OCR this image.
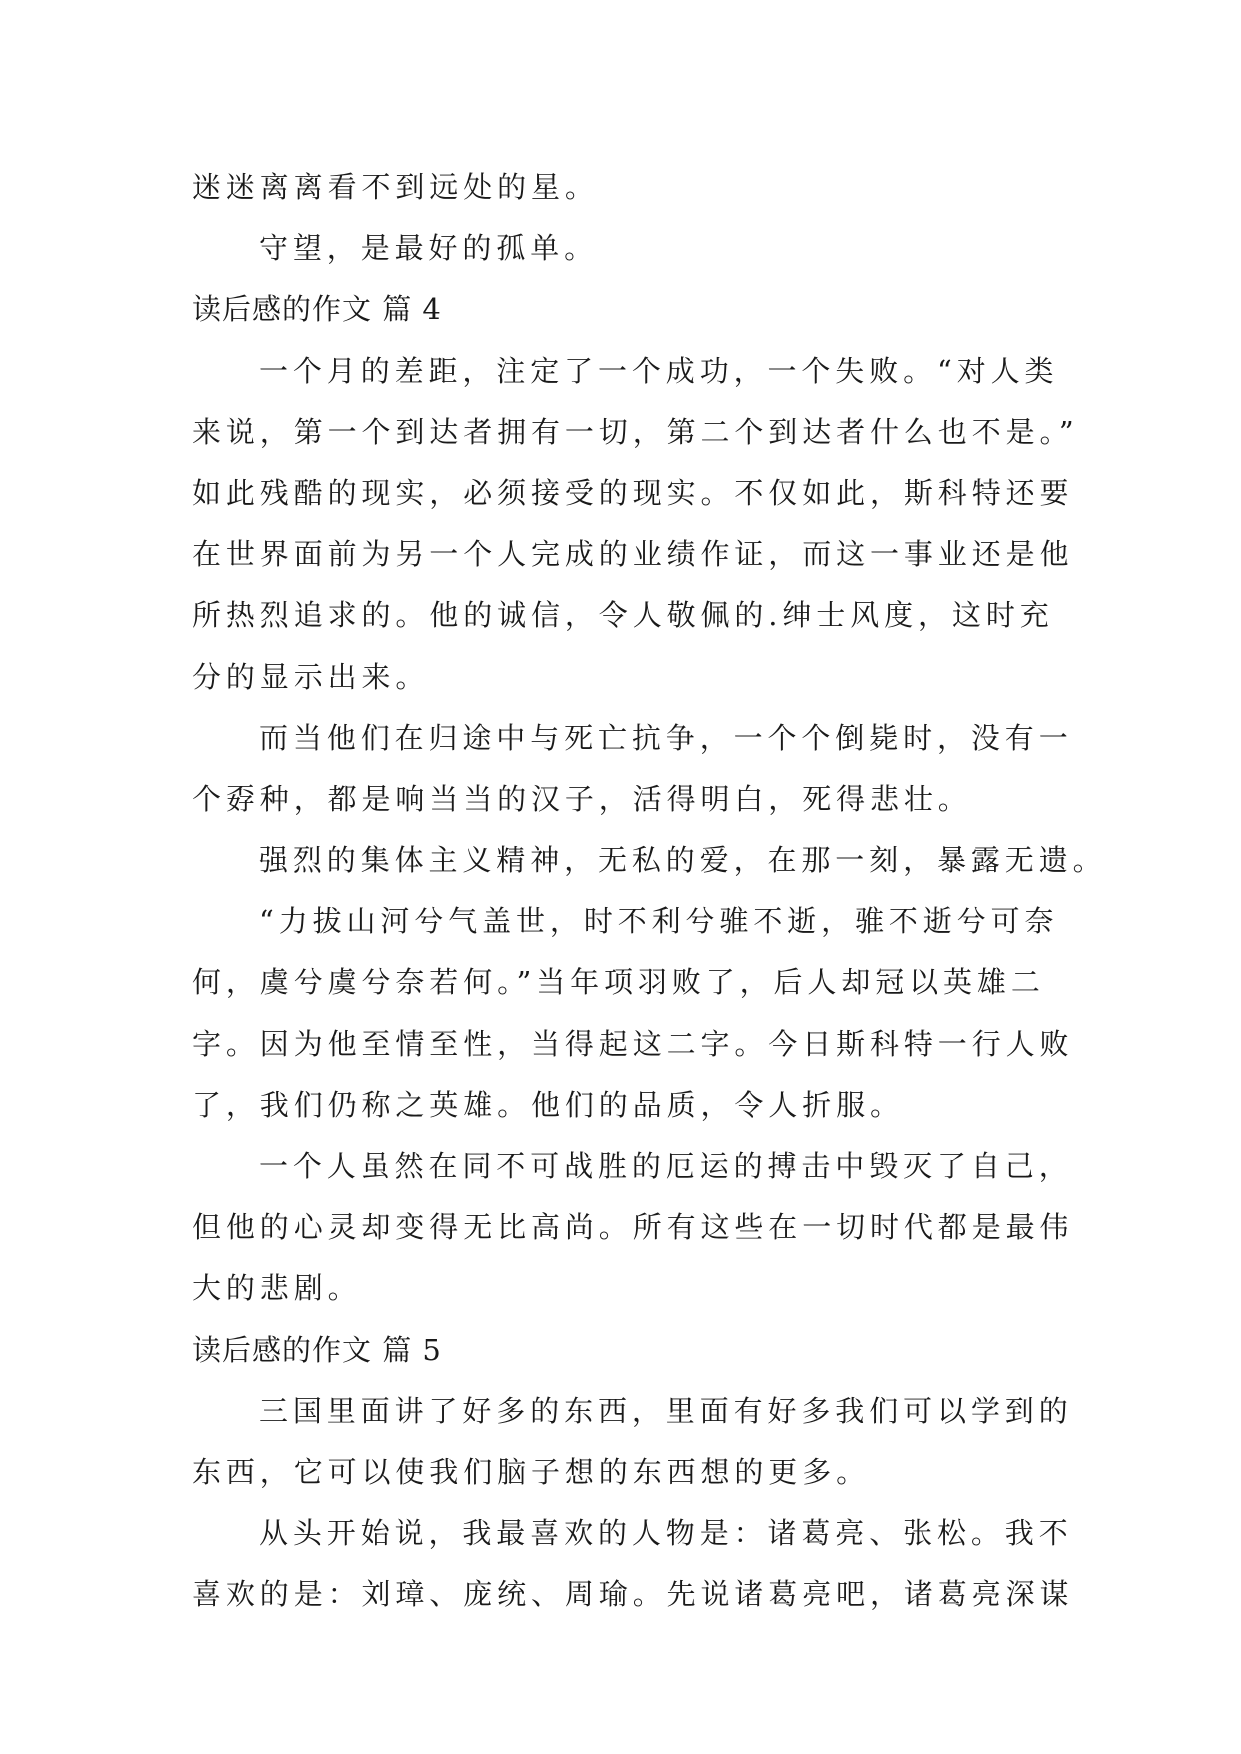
迷迷离离看不到远处的星。
守望，是最好的孤单。
读后感的作文 篇 4
一个月的差距，注定了一个成功，一个失败。“对人类
来说，第一个到达者拥有一切，第二个到达者什么也不是。”
如此残酷的现实，必须接受的现实。不仅如此，斯科特还要
在世界面前为另一个人完成的业绩作证，而这一事业还是他
所热烈追求的。他的诚信，令人敬佩的.绅士风度，这时充
分的显示出来。
而当他们在归途中与死亡抗争，一个个倒毙时，没有一
个孬种，都是响当当的汉子，活得明白，死得悲壮。
强烈的集体主义精神，无私的爱，在那一刻，暴露无遗。
“力拔山河兮气盖世，时不利兮骓不逝，骓不逝兮可奈
何，虞兮虞兮奈若何。”当年项羽败了，后人却冠以英雄二
字。因为他至情至性，当得起这二字。今日斯科特一行人败
了，我们仍称之英雄。他们的品质，令人折服。
一个人虽然在同不可战胜的厄运的搏击中毁灭了自己，
但他的心灵却变得无比高尚。所有这些在一切时代都是最伟
大的悲剧。
读后感的作文 篇 5
三国里面讲了好多的东西，里面有好多我们可以学到的
东西，它可以使我们脑子想的东西想的更多。
从头开始说，我最喜欢的人物是：诸葛亮、张松。我不
喜欢的是：刘璋、庞统、周瑜。先说诸葛亮吧，诸葛亮深谋
